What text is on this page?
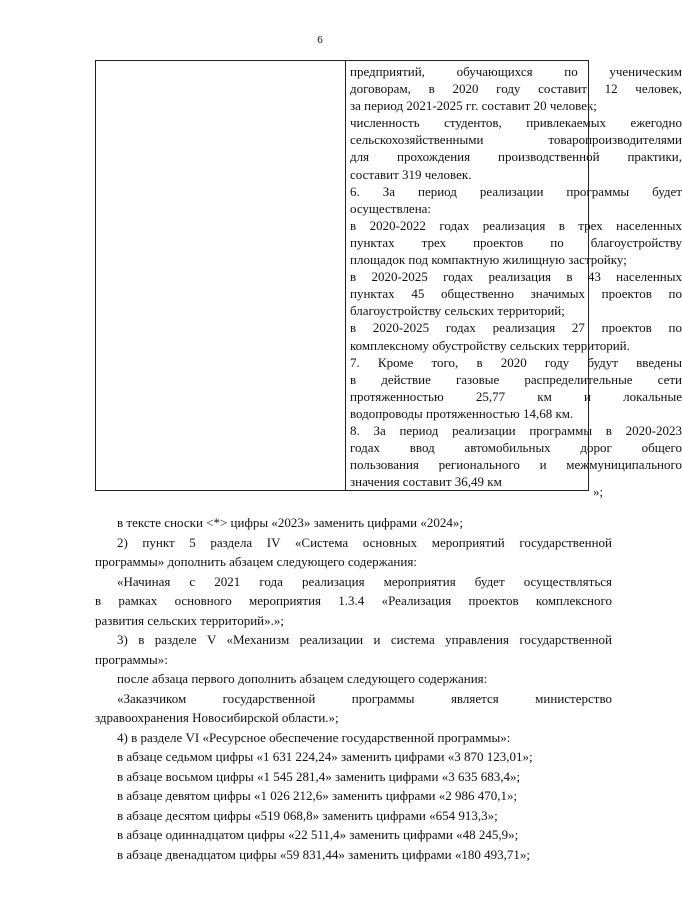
6
предприятий, обучающихся по ученическим
договорам, в 2020 году составит 12 человек,
за период 2021-2025 гг. составит 20 человек;
численность студентов, привлекаемых ежегодно
сельскохозяйственными товаропроизводителями
для прохождения производственной практики,
составит 319 человек.
6. За период реализации программы будет
осуществлена:
в 2020-2022 годах реализация в трех населенных
пунктах трех проектов по благоустройству
площадок под компактную жилищную застройку;
в 2020-2025 годах реализация в 43 населенных
пунктах 45 общественно значимых проектов по
благоустройству сельских территорий;
в 2020-2025 годах реализация 27 проектов по
комплексному обустройству сельских территорий.
7. Кроме того, в 2020 году будут введены
в действие газовые распределительные сети
протяженностью 25,77 км и локальные
водопроводы протяженностью 14,68 км.
8. За период реализации программы в 2020-2023
годах ввод автомобильных дорог общего
пользования регионального и межмуниципального
значения составит 36,49 км
»;
в тексте сноски <*> цифры «2023» заменить цифрами «2024»;
2) пункт 5 раздела IV «Система основных мероприятий государственной
программы» дополнить абзацем следующего содержания:
«Начиная с 2021 года реализация мероприятия будет осуществляться
в рамках основного мероприятия 1.3.4 «Реализация проектов комплексного
развития сельских территорий».»;
3) в разделе V «Механизм реализации и система управления государственной
программы»:
после абзаца первого дополнить абзацем следующего содержания:
«Заказчиком государственной программы является министерство
здравоохранения Новосибирской области.»;
4) в разделе VI «Ресурсное обеспечение государственной программы»:
в абзаце седьмом цифры «1 631 224,24» заменить цифрами «3 870 123,01»;
в абзаце восьмом цифры «1 545 281,4» заменить цифрами «3 635 683,4»;
в абзаце девятом цифры «1 026 212,6» заменить цифрами «2 986 470,1»;
в абзаце десятом цифры «519 068,8» заменить цифрами «654 913,3»;
в абзаце одиннадцатом цифры «22 511,4» заменить цифрами «48 245,9»;
в абзаце двенадцатом цифры «59 831,44» заменить цифрами «180 493,71»;
